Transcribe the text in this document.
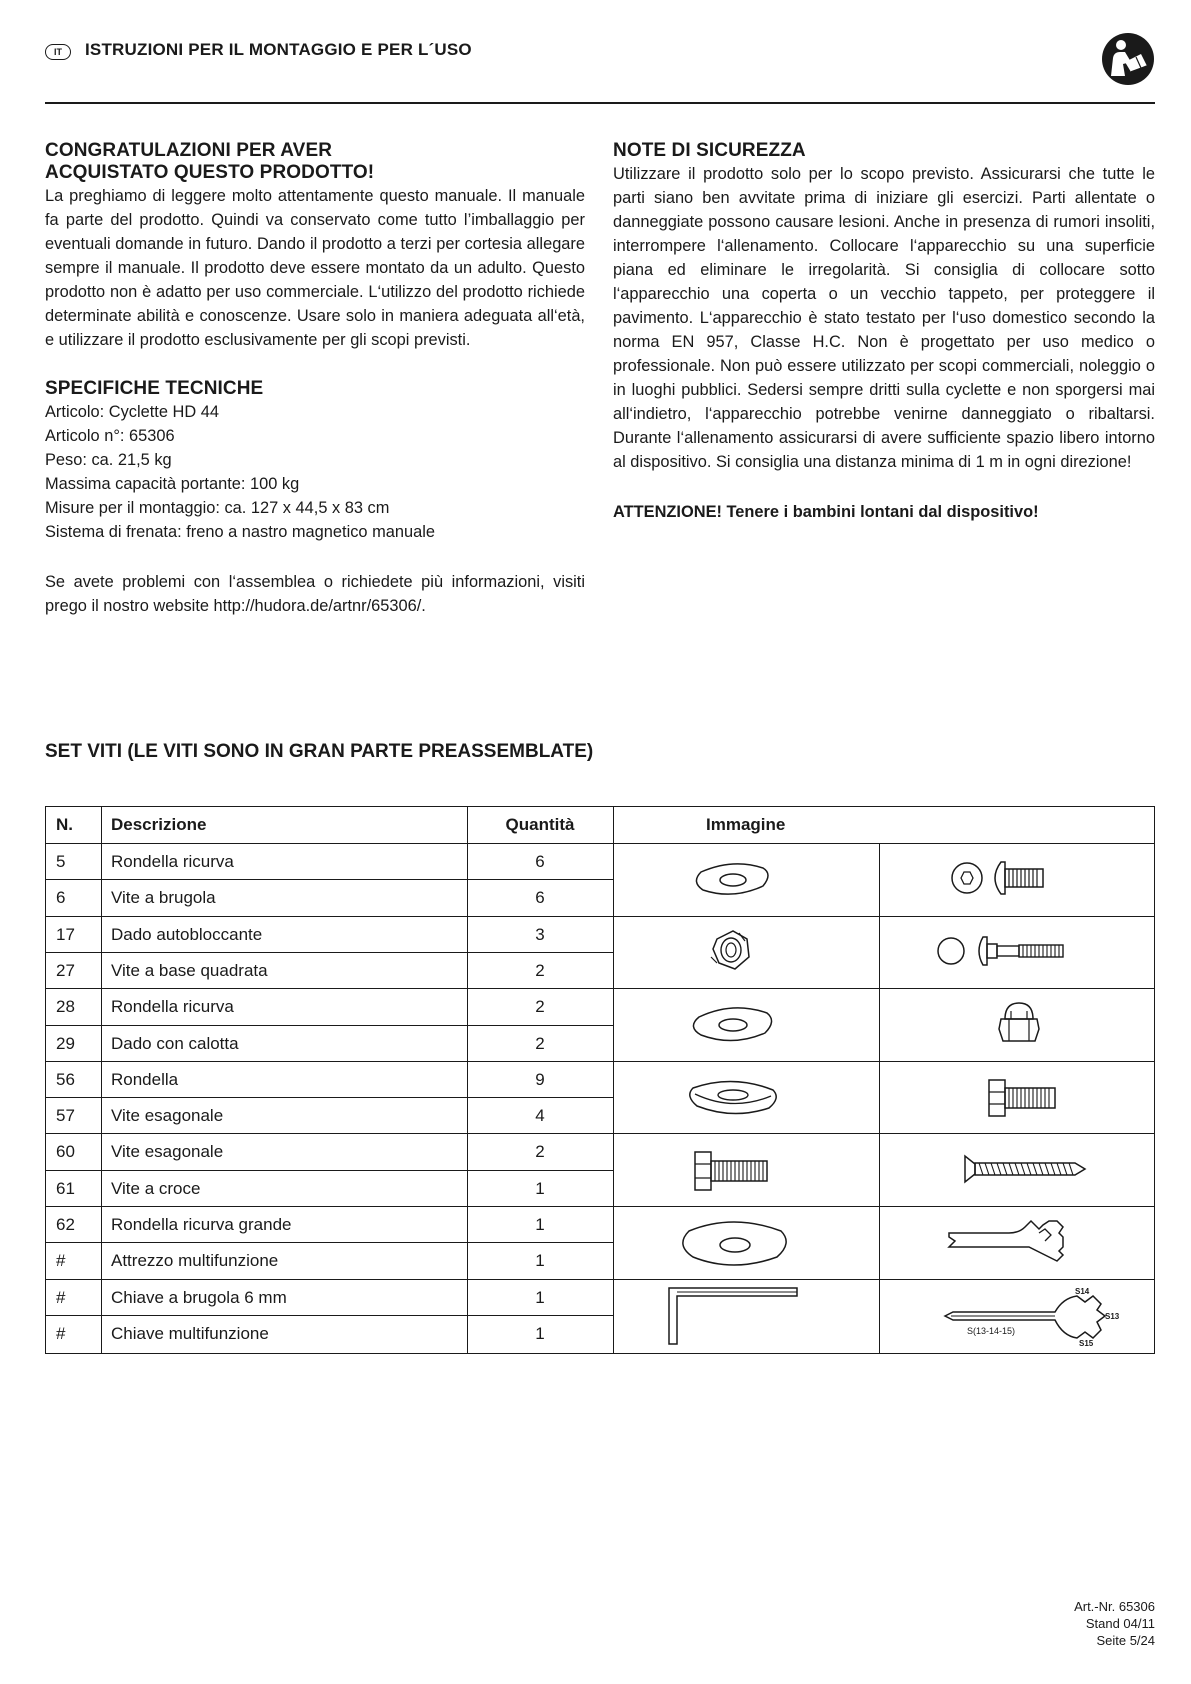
IT	ISTRUZIONI PER IL MONTAGGIO E PER L´USO
CONGRATULAZIONI PER AVER
ACQUISTATO QUESTO PRODOTTO!

La preghiamo di leggere molto attentamente questo manuale. Il manuale fa parte del prodotto. Quindi va conservato come tutto l’imballaggio per eventuali domande in futuro. Dando il prodotto a terzi per cortesia allegare sempre il manuale. Il prodotto deve essere montato da un adulto. Questo prodotto non è adatto per uso commerciale. L‘utilizzo del prodotto richiede determinate abilità e conoscenze. Usare solo in maniera adeguata all‘età, e utilizzare il prodotto esclusivamente per gli scopi previsti.

SPECIFICHE TECNICHE
Articolo: Cyclette HD 44
Articolo n°: 65306
Peso: ca. 21,5 kg
Massima capacità portante: 100 kg
Misure per il montaggio: ca. 127 x 44,5 x 83 cm
Sistema di frenata: freno a nastro magnetico manuale

Se avete problemi con l‘assemblea o richiedete più informazioni, visiti prego il nostro website http://hudora.de/artnr/65306/.

NOTE DI SICUREZZA

Utilizzare il prodotto solo per lo scopo previsto. Assicurarsi che tutte le parti siano ben avvitate prima di iniziare gli esercizi. Parti allentate o danneggiate possono causare lesioni. Anche in presenza di rumori insoliti, interrompere l‘allenamento. Collocare l‘apparecchio su una superficie piana ed eliminare le irregolarità. Si consiglia di collocare sotto l‘apparecchio una coperta o un vecchio tappeto, per proteggere il pavimento. L‘apparecchio è stato testato per l‘uso domestico secondo la norma EN 957, Classe H.C. Non è progettato per uso medico o professionale. Non può essere utilizzato per scopi commerciali, noleggio o in luoghi pubblici. Sedersi sempre dritti sulla cyclette e non sporgersi mai all‘indietro, l‘apparecchio potrebbe venirne danneggiato o ribaltarsi. Durante l‘allenamento assicurarsi di avere sufficiente spazio libero intorno al dispositivo. Si consiglia una distanza minima di 1 m in ogni direzione!

ATTENZIONE! Tenere i bambini lontani dal dispositivo!
SET VITI (LE VITI SONO IN GRAN PARTE PREASSEMBLATE)
N. Descrizione	Quantità	Immagine
5	Rondella ricurva	6
6	Vite a brugola	6
17	Dado autobloccante	3
27	Vite a base quadrata	2
28	Rondella ricurva	2
29	Dado con calotta	2
56	Rondella	9
57	Vite esagonale	4
60	Vite esagonale	2
61	Vite a croce	1
62	Rondella ricurva grande	1
#	Attrezzo multifunzione	1
#	Chiave a brugola 6 mm	1
#	Chiave multifunzione	1	S(13-14-15)
S14
S13
S15
Art.-Nr. 65306
Stand 04/11
Seite 5/24
